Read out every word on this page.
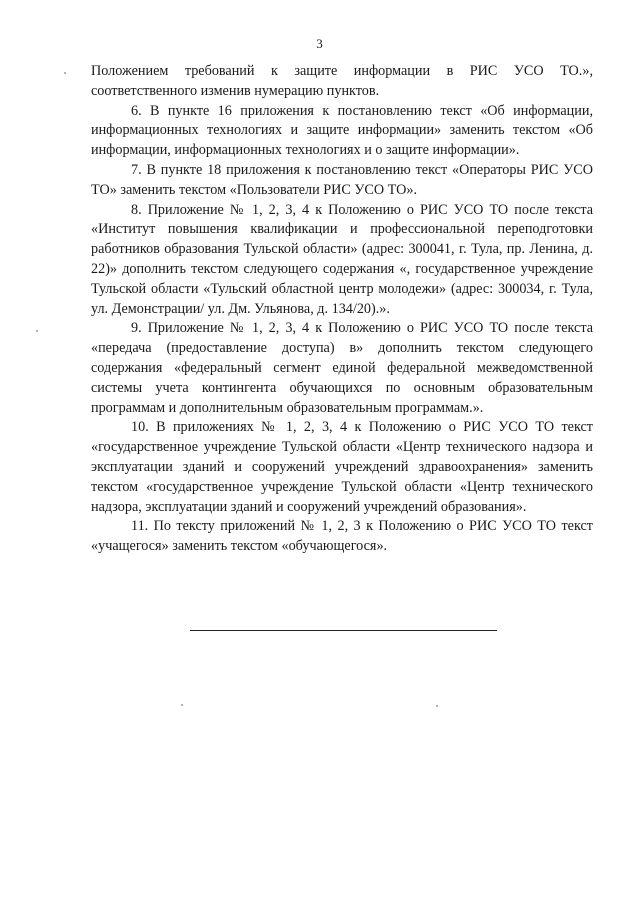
3

Положением требований к защите информации в РИС УСО ТО.», соответственного изменив нумерацию пунктов.

6. В пункте 16 приложения к постановлению текст «Об информации, информационных технологиях и защите информации» заменить текстом «Об информации, информационных технологиях и о защите информации».

7. В пункте 18 приложения к постановлению текст «Операторы РИС УСО ТО» заменить текстом «Пользователи РИС УСО ТО».

8. Приложение № 1, 2, 3, 4 к Положению о РИС УСО ТО после текста «Институт повышения квалификации и профессиональной переподготовки работников образования Тульской области» (адрес: 300041, г. Тула, пр. Ленина, д. 22)» дополнить текстом следующего содержания «, государственное учреждение Тульской области «Тульский областной центр молодежи» (адрес: 300034, г. Тула, ул. Демонстрации/ ул. Дм. Ульянова, д. 134/20).».

9. Приложение № 1, 2, 3, 4 к Положению о РИС УСО ТО после текста «передача (предоставление доступа) в» дополнить текстом следующего содержания «федеральный сегмент единой федеральной межведомственной системы учета контингента обучающихся по основным образовательным программам и дополнительным образовательным программам.».

10. В приложениях № 1, 2, 3, 4 к Положению о РИС УСО ТО текст «государственное учреждение Тульской области «Центр технического надзора и эксплуатации зданий и сооружений учреждений здравоохранения» заменить текстом «государственное учреждение Тульской области «Центр технического надзора, эксплуатации зданий и сооружений учреждений образования».

11. По тексту приложений № 1, 2, 3 к Положению о РИС УСО ТО текст «учащегося» заменить текстом «обучающегося».
